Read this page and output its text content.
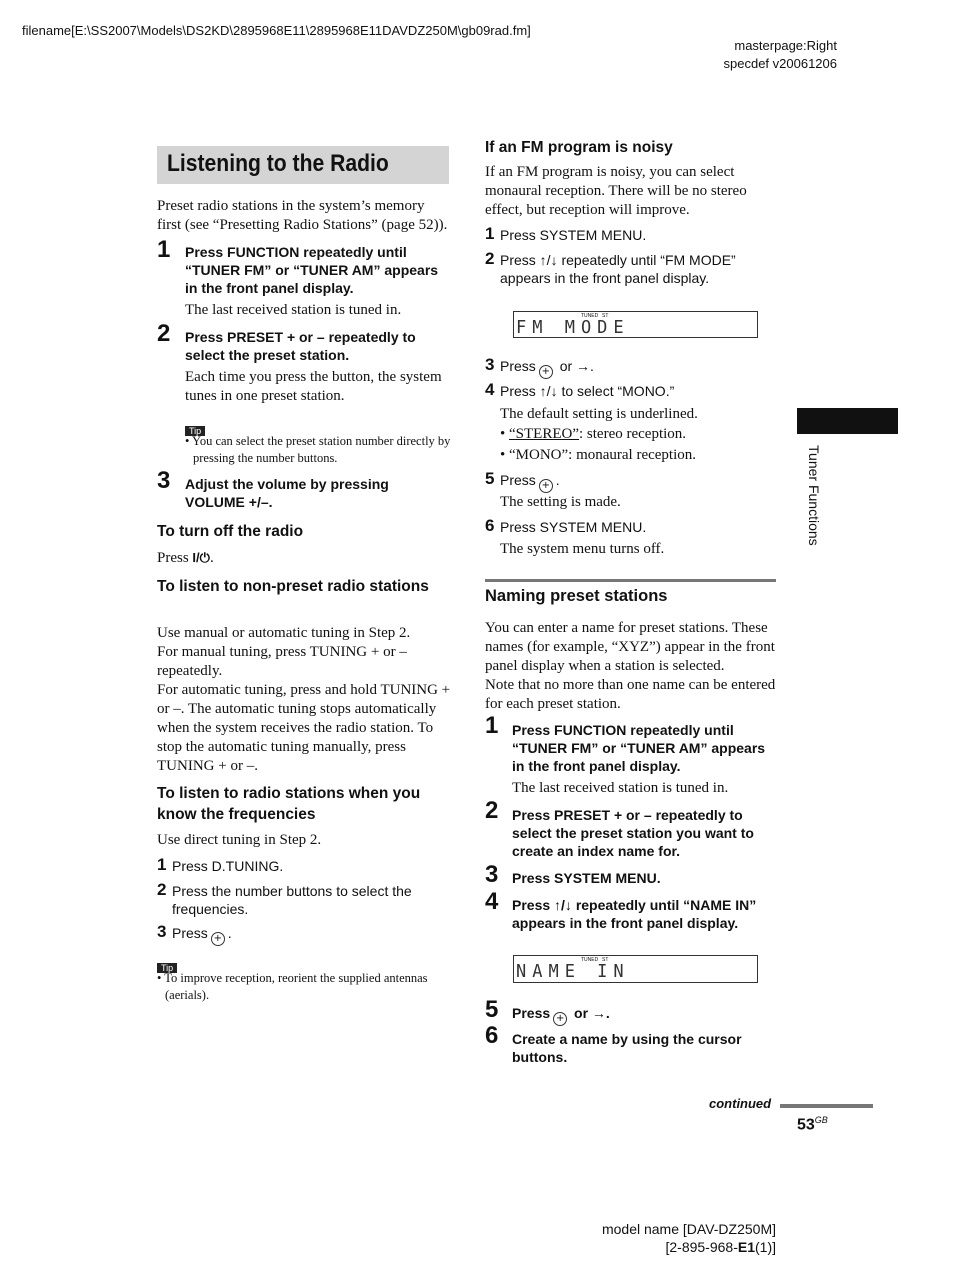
filename[E:\SS2007\Models\DS2KD\2895968E11\2895968E11DAVDZ250M\gb09rad.fm]
masterpage:Right
specdef v20061206
Listening to the Radio
Preset radio stations in the system’s memory first (see “Presetting Radio Stations” (page 52)).
1 Press FUNCTION repeatedly until “TUNER FM” or “TUNER AM” appears in the front panel display.
The last received station is tuned in.
2 Press PRESET + or – repeatedly to select the preset station.
Each time you press the button, the system tunes in one preset station.
Tip
• You can select the preset station number directly by pressing the number buttons.
3 Adjust the volume by pressing VOLUME +/–.
To turn off the radio
Press I/⏻.
To listen to non-preset radio stations
Use manual or automatic tuning in Step 2.
For manual tuning, press TUNING + or – repeatedly.
For automatic tuning, press and hold TUNING + or –. The automatic tuning stops automatically when the system receives the radio station. To stop the automatic tuning manually, press TUNING + or –.
To listen to radio stations when you know the frequencies
Use direct tuning in Step 2.
1 Press D.TUNING.
2 Press the number buttons to select the frequencies.
3 Press + .
Tip
• To improve reception, reorient the supplied antennas (aerials).
If an FM program is noisy
If an FM program is noisy, you can select monaural reception. There will be no stereo effect, but reception will improve.
1 Press SYSTEM MENU.
2 Press ↑/↓ repeatedly until “FM MODE” appears in the front panel display.
TUNED ST
FM MODE
3 Press + or →.
4 Press ↑/↓ to select “MONO.”
The default setting is underlined.
• “STEREO”: stereo reception.
• “MONO”: monaural reception.
5 Press + .
The setting is made.
6 Press SYSTEM MENU.
The system menu turns off.
Naming preset stations
You can enter a name for preset stations. These names (for example, “XYZ”) appear in the front panel display when a station is selected.
Note that no more than one name can be entered for each preset station.
1 Press FUNCTION repeatedly until “TUNER FM” or “TUNER AM” appears in the front panel display.
The last received station is tuned in.
2 Press PRESET + or – repeatedly to select the preset station you want to create an index name for.
3 Press SYSTEM MENU.
4 Press ↑/↓ repeatedly until “NAME IN” appears in the front panel display.
TUNED ST
NAME IN
5 Press + or →.
6 Create a name by using the cursor buttons.
Tuner Functions
continued
$53^{GB}$
model name [DAV-DZ250M]
[2-895-968-E1(1)]
